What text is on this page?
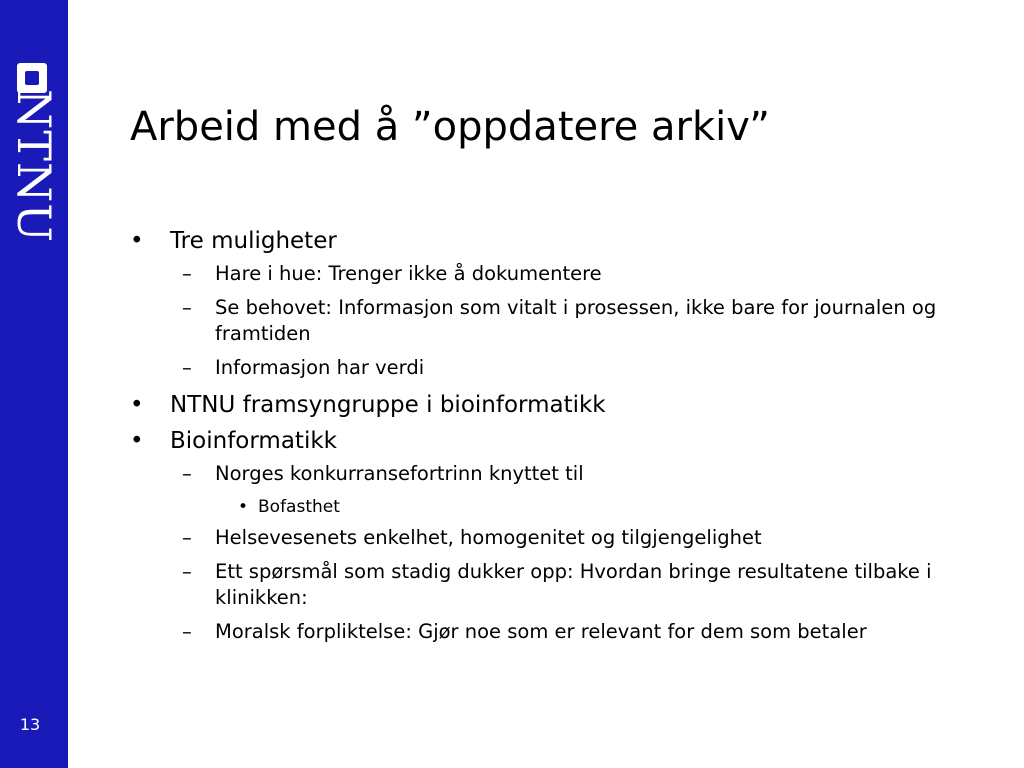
NTNU
13
Arbeid med å ”oppdatere arkiv”
• Tre muligheter
– Hare i hue: Trenger ikke å dokumentere
– Se behovet: Informasjon som vitalt i prosessen, ikke bare for journalen og framtiden
– Informasjon har verdi
• NTNU framsyngruppe i bioinformatikk
• Bioinformatikk
– Norges konkurransefortrinn knyttet til
• Bofasthet
– Helsevesenets enkelhet, homogenitet og tilgjengelighet
– Ett spørsmål som stadig dukker opp: Hvordan bringe resultatene tilbake i klinikken:
– Moralsk forpliktelse: Gjør noe som er relevant for dem som betaler
